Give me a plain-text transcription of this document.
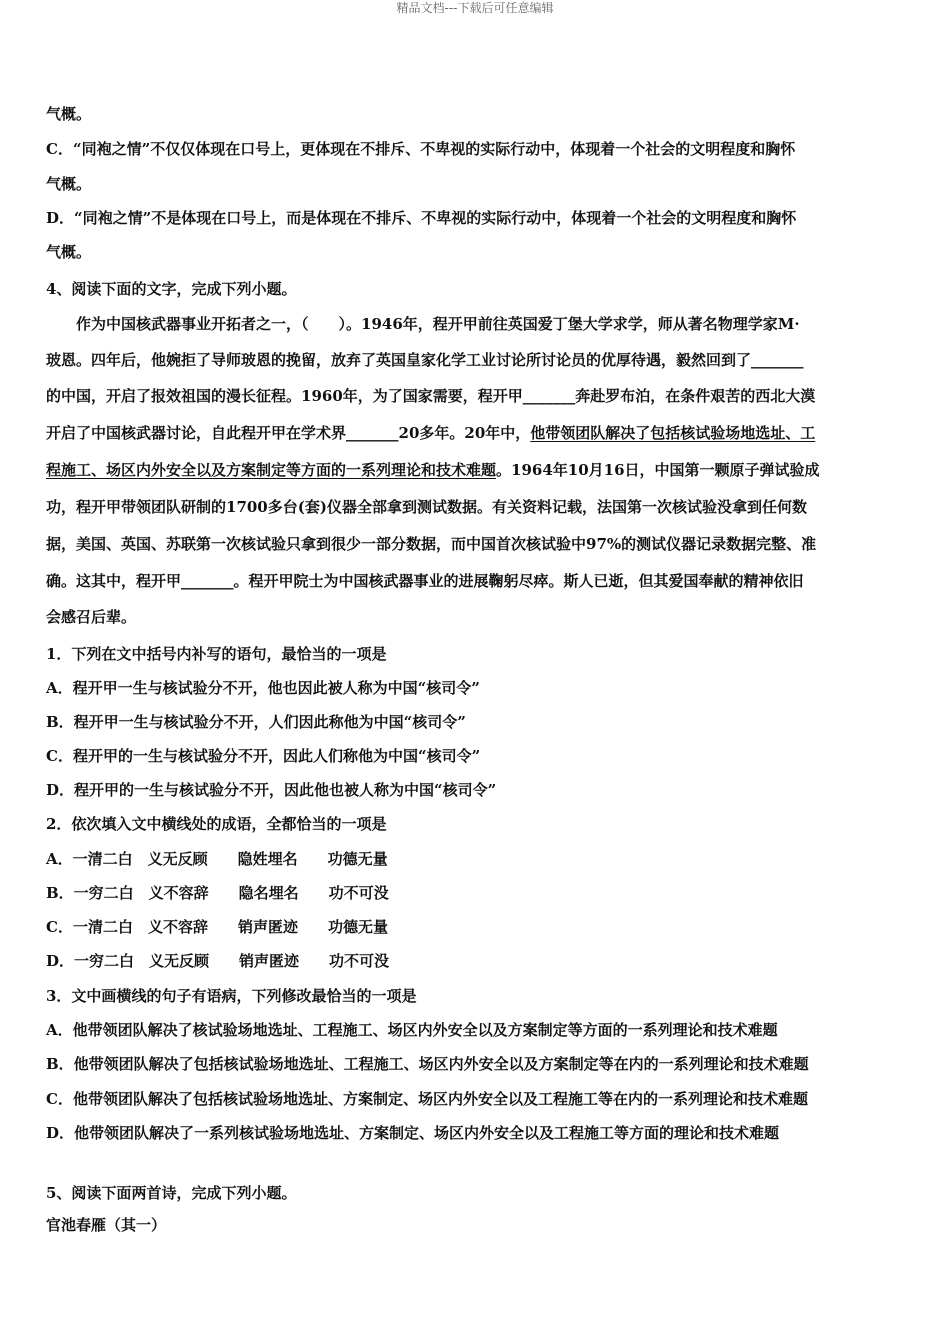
精品文档---下载后可任意编辑
气概。
C．“同袍之情”不仅仅体现在口号上，更体现在不排斥、不卑视的实际行动中，体现着一个社会的文明程度和胸怀
气概。
D．“同袍之情”不是体现在口号上，而是体现在不排斥、不卑视的实际行动中，体现着一个社会的文明程度和胸怀
气概。
4、阅读下面的文字，完成下列小题。
作为中国核武器事业开拓者之一，（　　）。1946年，程开甲前往英国爱丁堡大学求学，师从著名物理学家M·
玻恩。四年后，他婉拒了导师玻恩的挽留，放弃了英国皇家化学工业讨论所讨论员的优厚待遇，毅然回到了_______
的中国，开启了报效祖国的漫长征程。1960年，为了国家需要，程开甲_______奔赴罗布泊，在条件艰苦的西北大漠
开启了中国核武器讨论，自此程开甲在学术界_______20多年。20年中，他带领团队解决了包括核试验场地选址、工
程施工、场区内外安全以及方案制定等方面的一系列理论和技术难题。1964年10月16日，中国第一颗原子弹试验成
功，程开甲带领团队研制的1700多台(套)仪器全部拿到测试数据。有关资料记载，法国第一次核试验没拿到任何数
据，美国、英国、苏联第一次核试验只拿到很少一部分数据，而中国首次核试验中97%的测试仪器记录数据完整、准
确。这其中，程开甲_______。程开甲院士为中国核武器事业的进展鞠躬尽瘁。斯人已逝，但其爱国奉献的精神依旧
会感召后辈。
1．下列在文中括号内补写的语句，最恰当的一项是
A．程开甲一生与核试验分不开，他也因此被人称为中国“核司令”
B．程开甲一生与核试验分不开，人们因此称他为中国“核司令”
C．程开甲的一生与核试验分不开，因此人们称他为中国“核司令”
D．程开甲的一生与核试验分不开，因此他也被人称为中国“核司令”
2．依次填入文中横线处的成语，全都恰当的一项是
A．一清二白　义无反顾　　隐姓埋名　　功德无量
B．一穷二白　义不容辞　　隐名埋名　　功不可没
C．一清二白　义不容辞　　销声匿迹　　功德无量
D．一穷二白　义无反顾　　销声匿迹　　功不可没
3．文中画横线的句子有语病，下列修改最恰当的一项是
A．他带领团队解决了核试验场地选址、工程施工、场区内外安全以及方案制定等方面的一系列理论和技术难题
B．他带领团队解决了包括核试验场地选址、工程施工、场区内外安全以及方案制定等在内的一系列理论和技术难题
C．他带领团队解决了包括核试验场地选址、方案制定、场区内外安全以及工程施工等在内的一系列理论和技术难题
D．他带领团队解决了一系列核试验场地选址、方案制定、场区内外安全以及工程施工等方面的理论和技术难题
5、阅读下面两首诗，完成下列小题。
官池春雁（其一）
